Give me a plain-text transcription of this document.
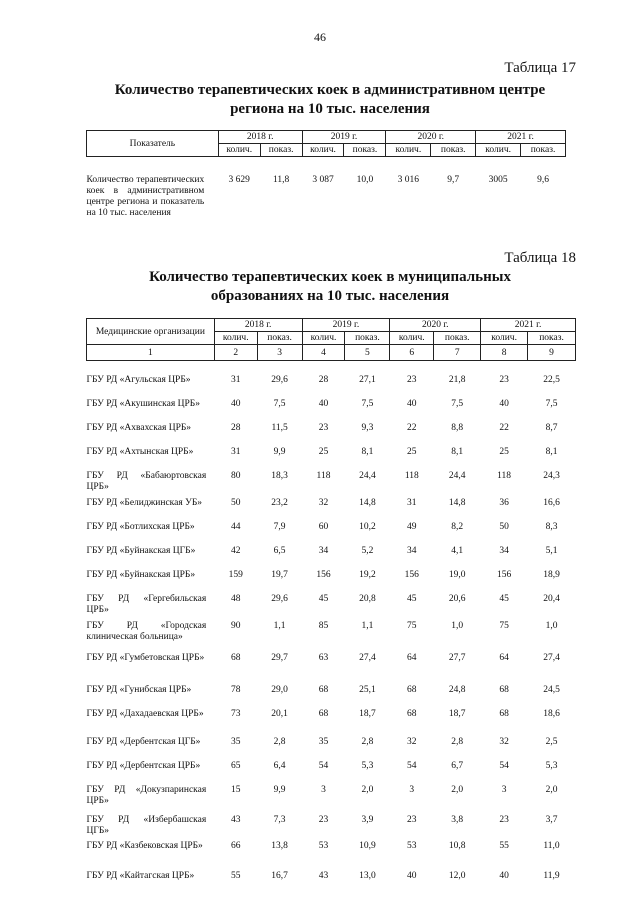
46
Таблица 17
Количество терапевтических коек в административном центре
региона на 10 тыс. населения
Показатель	2018 г.		2019 г.		2020 г.		2021 г.	
	колич.	показ.	колич.	показ.	колич.	показ.	колич.	показ.

Количество терапевтических коек в административном центре региона и показатель на 10 тыс. населения	3 629	11,8	3 087	10,0	3 016	9,7	3005	9,6
Таблица 18
Количество терапевтических коек в муниципальных
образованиях на 10 тыс. населения
Медицинские организации	2018 г.		2019 г.		2020 г.		2021 г.	
	колич.	показ.	колич.	показ.	колич.	показ.	колич.	показ.
1	2	3	4	5	6	7	8	9

ГБУ РД «Агульская ЦРБ»	31	29,6	28	27,1	23	21,8	23	22,5
ГБУ РД «Акушинская ЦРБ»	40	7,5	40	7,5	40	7,5	40	7,5
ГБУ РД «Ахвахская ЦРБ»	28	11,5	23	9,3	22	8,8	22	8,7
ГБУ РД «Ахтынская ЦРБ»	31	9,9	25	8,1	25	8,1	25	8,1
ГБУ РД «Бабаюртовская ЦРБ»	80	18,3	118	24,4	118	24,4	118	24,3
ГБУ РД «Белиджинская УБ»	50	23,2	32	14,8	31	14,8	36	16,6
ГБУ РД «Ботлихская ЦРБ»	44	7,9	60	10,2	49	8,2	50	8,3
ГБУ РД «Буйнакская ЦГБ»	42	6,5	34	5,2	34	4,1	34	5,1
ГБУ РД «Буйнакская ЦРБ»	159	19,7	156	19,2	156	19,0	156	18,9
ГБУ РД «Гергебильская ЦРБ»	48	29,6	45	20,8	45	20,6	45	20,4
ГБУ РД «Городская клиническая больница»	90	1,1	85	1,1	75	1,0	75	1,0
ГБУ РД «Гумбетовская ЦРБ»	68	29,7	63	27,4	64	27,7	64	27,4
ГБУ РД «Гунибская ЦРБ»	78	29,0	68	25,1	68	24,8	68	24,5
ГБУ РД «Дахадаевская ЦРБ»	73	20,1	68	18,7	68	18,7	68	18,6
ГБУ РД «Дербентская ЦГБ»	35	2,8	35	2,8	32	2,8	32	2,5
ГБУ РД «Дербентская ЦРБ»	65	6,4	54	5,3	54	6,7	54	5,3
ГБУ РД «Докузпаринская ЦРБ»	15	9,9	3	2,0	3	2,0	3	2,0
ГБУ РД «Избербашская ЦГБ»	43	7,3	23	3,9	23	3,8	23	3,7
ГБУ РД «Казбековская ЦРБ»	66	13,8	53	10,9	53	10,8	55	11,0
ГБУ РД «Кайтагская ЦРБ»	55	16,7	43	13,0	40	12,0	40	11,9
